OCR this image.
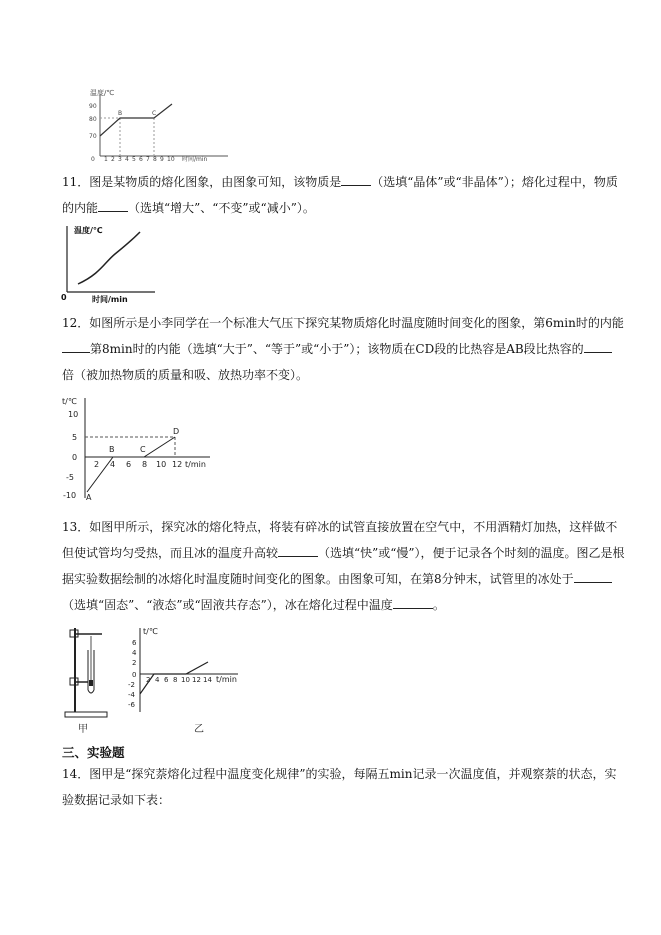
温度/℃
90
80
70
B	C
0 1 2 3 4 5 6 7 8 9 10 时间/min
11．图是某物质的熔化图象，由图象可知，该物质是	（选填“晶体”或“非晶体”）；熔化过程中，物质
的内能	（选填“增大”、“不变”或“减小”）。
温度/℃
0	时间/min
12．如图所示是小李同学在一个标准大气压下探究某物质熔化时温度随时间变化的图象，第6min时的内能
第8min时的内能（选填“大于”、“等于”或“小于”）；该物质在CD段的比热容是AB段比热容的
倍（被加热物质的质量和吸、放热功率不变）。
t/℃
10
5
0
-5
-10 A
B	C
D
2 4 6 8 10 12 t/min
13．如图甲所示，探究冰的熔化特点，将装有碎冰的试管直接放置在空气中，不用酒精灯加热，这样做不
但使试管均匀受热，而且冰的温度升高较	（选填“快”或“慢”），便于记录各个时刻的温度。图乙是根
据实验数据绘制的冰熔化时温度随时间变化的图象。由图象可知，在第8分钟末，试管里的冰处于
（选填“固态”、“液态”或“固液共存态”），冰在熔化过程中温度	。
甲
t/℃
6
4
2
0
-2
-4
-6
2 4 6 8 10 12 14 t/min
乙
三、实验题
14．图甲是“探究萘熔化过程中温度变化规律”的实验，每隔五min记录一次温度值，并观察萘的状态，实
验数据记录如下表：
